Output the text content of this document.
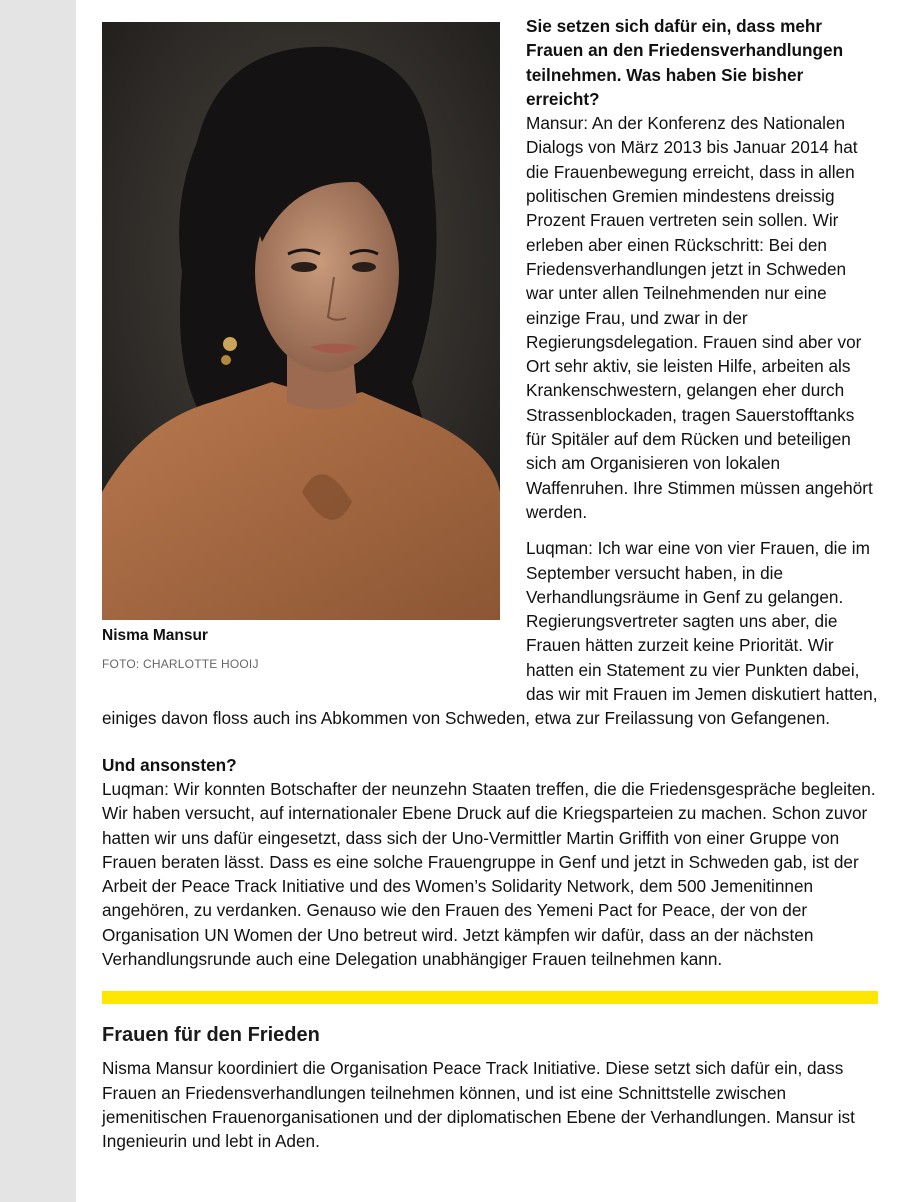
Nisma Mansur
FOTO: CHARLOTTE HOOIJ

Sie setzen sich dafür ein, dass mehr Frauen an den Friedensverhandlungen teilnehmen. Was haben Sie bisher erreicht?

Mansur: An der Konferenz des Nationalen Dialogs von März 2013 bis Januar 2014 hat die Frauenbewegung erreicht, dass in allen politischen Gremien mindestens dreissig Prozent Frauen vertreten sein sollen. Wir erleben aber einen Rückschritt: Bei den Friedensverhandlungen jetzt in Schweden war unter allen Teilnehmenden nur eine einzige Frau, und zwar in der Regierungsdelegation. Frauen sind aber vor Ort sehr aktiv, sie leisten Hilfe, arbeiten als Krankenschwestern, gelangen eher durch Strassenblockaden, tragen Sauerstofftanks für Spitäler auf dem Rücken und beteiligen sich am Organisieren von lokalen Waffenruhen. Ihre Stimmen müssen angehört werden.

Luqman: Ich war eine von vier Frauen, die im September versucht haben, in die Verhandlungsräume in Genf zu gelangen. Regierungsvertreter sagten uns aber, die Frauen hätten zurzeit keine Priorität. Wir hatten ein Statement zu vier Punkten dabei, das wir mit Frauen im Jemen diskutiert hatten, einiges davon floss auch ins Abkommen von Schweden, etwa zur Freilassung von Gefangenen.

Und ansonsten?

Luqman: Wir konnten Botschafter der neunzehn Staaten treffen, die die Friedensgespräche begleiten. Wir haben versucht, auf internationaler Ebene Druck auf die Kriegsparteien zu machen. Schon zuvor hatten wir uns dafür eingesetzt, dass sich der Uno-Vermittler Martin Griffith von einer Gruppe von Frauen beraten lässt. Dass es eine solche Frauengruppe in Genf und jetzt in Schweden gab, ist der Arbeit der Peace Track Initiative und des Women’s Solidarity Network, dem 500 Jemenitinnen angehören, zu verdanken. Genauso wie den Frauen des Yemeni Pact for Peace, der von der Organisation UN Women der Uno betreut wird. Jetzt kämpfen wir dafür, dass an der nächsten Verhandlungsrunde auch eine Delegation unabhängiger Frauen teilnehmen kann.

Frauen für den Frieden

Nisma Mansur koordiniert die Organisation Peace Track Initiative. Diese setzt sich dafür ein, dass Frauen an Friedensverhandlungen teilnehmen können, und ist eine Schnittstelle zwischen jemenitischen Frauenorganisationen und der diplomatischen Ebene der Verhandlungen. Mansur ist Ingenieurin und lebt in Aden.
